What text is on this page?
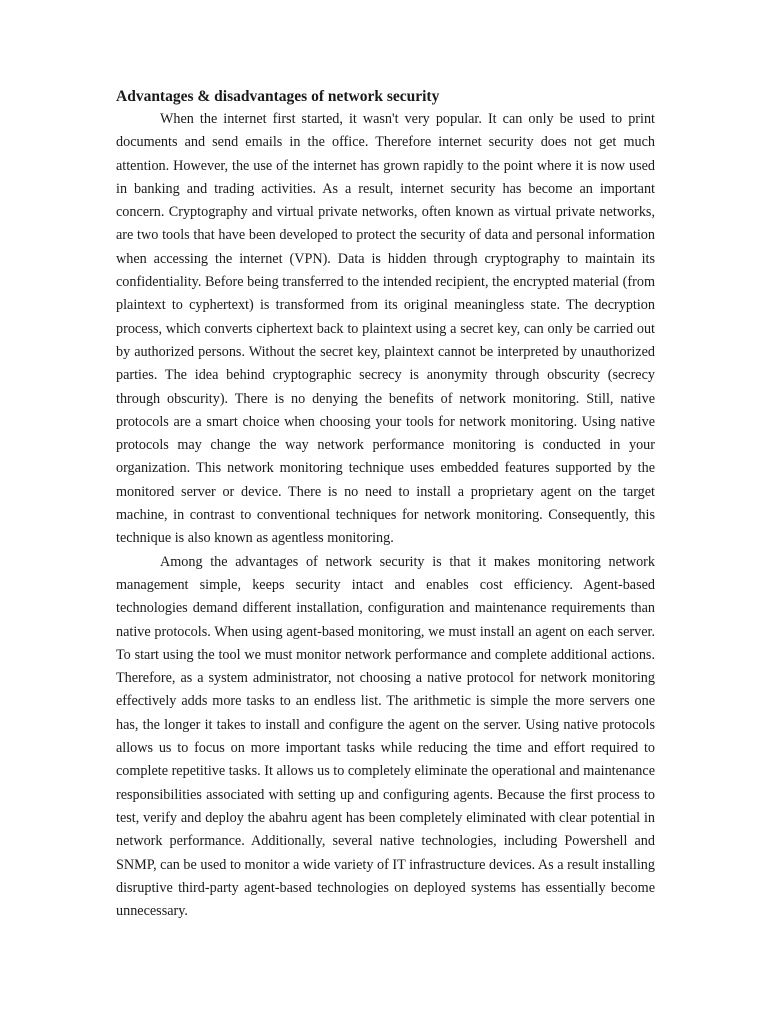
Advantages & disadvantages of network security

When the internet first started, it wasn't very popular. It can only be used to print documents and send emails in the office. Therefore internet security does not get much attention. However, the use of the internet has grown rapidly to the point where it is now used in banking and trading activities. As a result, internet security has become an important concern. Cryptography and virtual private networks, often known as virtual private networks, are two tools that have been developed to protect the security of data and personal information when accessing the internet (VPN). Data is hidden through cryptography to maintain its confidentiality. Before being transferred to the intended recipient, the encrypted material (from plaintext to cyphertext) is transformed from its original meaningless state. The decryption process, which converts ciphertext back to plaintext using a secret key, can only be carried out by authorized persons. Without the secret key, plaintext cannot be interpreted by unauthorized parties. The idea behind cryptographic secrecy is anonymity through obscurity (secrecy through obscurity). There is no denying the benefits of network monitoring. Still, native protocols are a smart choice when choosing your tools for network monitoring. Using native protocols may change the way network performance monitoring is conducted in your organization. This network monitoring technique uses embedded features supported by the monitored server or device. There is no need to install a proprietary agent on the target machine, in contrast to conventional techniques for network monitoring. Consequently, this technique is also known as agentless monitoring.

Among the advantages of network security is that it makes monitoring network management simple, keeps security intact and enables cost efficiency. Agent-based technologies demand different installation, configuration and maintenance requirements than native protocols. When using agent-based monitoring, we must install an agent on each server. To start using the tool we must monitor network performance and complete additional actions. Therefore, as a system administrator, not choosing a native protocol for network monitoring effectively adds more tasks to an endless list. The arithmetic is simple the more servers one has, the longer it takes to install and configure the agent on the server. Using native protocols allows us to focus on more important tasks while reducing the time and effort required to complete repetitive tasks. It allows us to completely eliminate the operational and maintenance responsibilities associated with setting up and configuring agents. Because the first process to test, verify and deploy the abahru agent has been completely eliminated with clear potential in network performance. Additionally, several native technologies, including Powershell and SNMP, can be used to monitor a wide variety of IT infrastructure devices. As a result installing disruptive third-party agent-based technologies on deployed systems has essentially become unnecessary.
